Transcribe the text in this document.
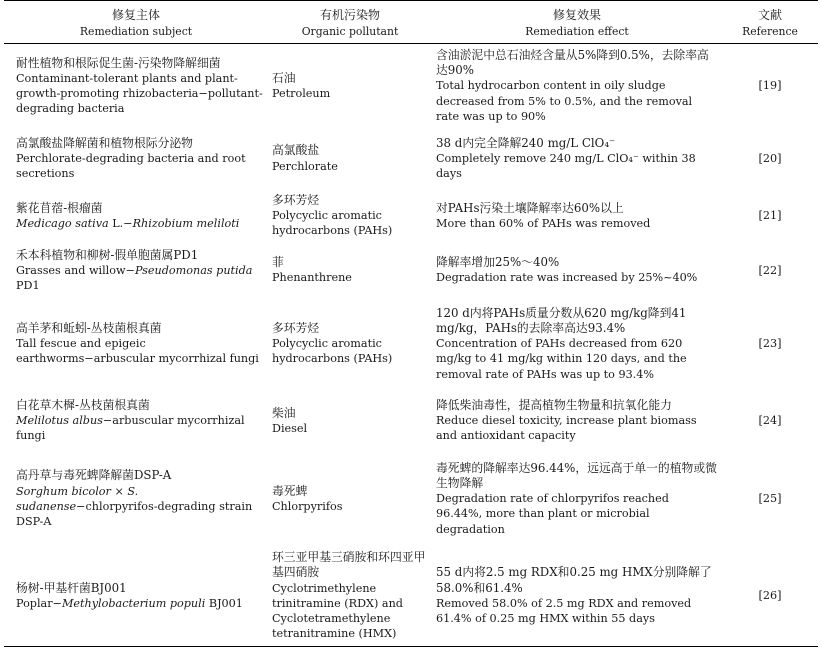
修复主体
Remediation subject	有机污染物
Organic pollutant	修复效果
Remediation effect	文献
Reference

耐性植物和根际促生菌-污染物降解细菌
Contaminant-tolerant plants and plant-growth-promoting rhizobacteria−pollutant-degrading bacteria	石油
Petroleum	含油淤泥中总石油烃含量从5%降到0.5%，去除率高达90%
Total hydrocarbon content in oily sludge decreased from 5% to 0.5%, and the removal rate was up to 90%	[19]

高氯酸盐降解菌和植物根际分泌物
Perchlorate-degrading bacteria and root secretions	高氯酸盐
Perchlorate	38 d内完全降解240 mg/L ClO₄⁻
Completely remove 240 mg/L ClO₄⁻ within 38 days	[20]

紫花苜蓿-根瘤菌
Medicago sativa L.−Rhizobium meliloti	多环芳烃
Polycyclic aromatic hydrocarbons (PAHs)	对PAHs污染土壤降解率达60%以上
More than 60% of PAHs was removed	[21]

禾本科植物和柳树-假单胞菌属PD1
Grasses and willow−Pseudomonas putida PD1	菲
Phenanthrene	降解率增加25%～40%
Degradation rate was increased by 25%~40%	[22]

高羊茅和蚯蚓-丛枝菌根真菌
Tall fescue and epigeic earthworms−arbuscular mycorrhizal fungi	多环芳烃
Polycyclic aromatic hydrocarbons (PAHs)	120 d内将PAHs质量分数从620 mg/kg降到41 mg/kg，PAHs的去除率高达93.4%
Concentration of PAHs decreased from 620 mg/kg to 41 mg/kg within 120 days, and the removal rate of PAHs was up to 93.4%	[23]

白花草木樨-丛枝菌根真菌
Melilotus albus−arbuscular mycorrhizal fungi	柴油
Diesel	降低柴油毒性，提高植物生物量和抗氧化能力
Reduce diesel toxicity, increase plant biomass and antioxidant capacity	[24]

高丹草与毒死蜱降解菌DSP-A
Sorghum bicolor × S. sudanense−chlorpyrifos-degrading strain DSP-A	毒死蜱
Chlorpyrifos	毒死蜱的降解率达96.44%，远远高于单一的植物或微生物降解
Degradation rate of chlorpyrifos reached 96.44%, more than plant or microbial degradation	[25]

杨树-甲基杆菌BJ001
Poplar−Methylobacterium populi BJ001	环三亚甲基三硝胺和环四亚甲基四硝胺
Cyclotrimethylene trinitramine (RDX) and Cyclotetramethylene tetranitramine (HMX)	55 d内将2.5 mg RDX和0.25 mg HMX分别降解了58.0%和61.4%
Removed 58.0% of 2.5 mg RDX and removed 61.4% of 0.25 mg HMX within 55 days	[26]
